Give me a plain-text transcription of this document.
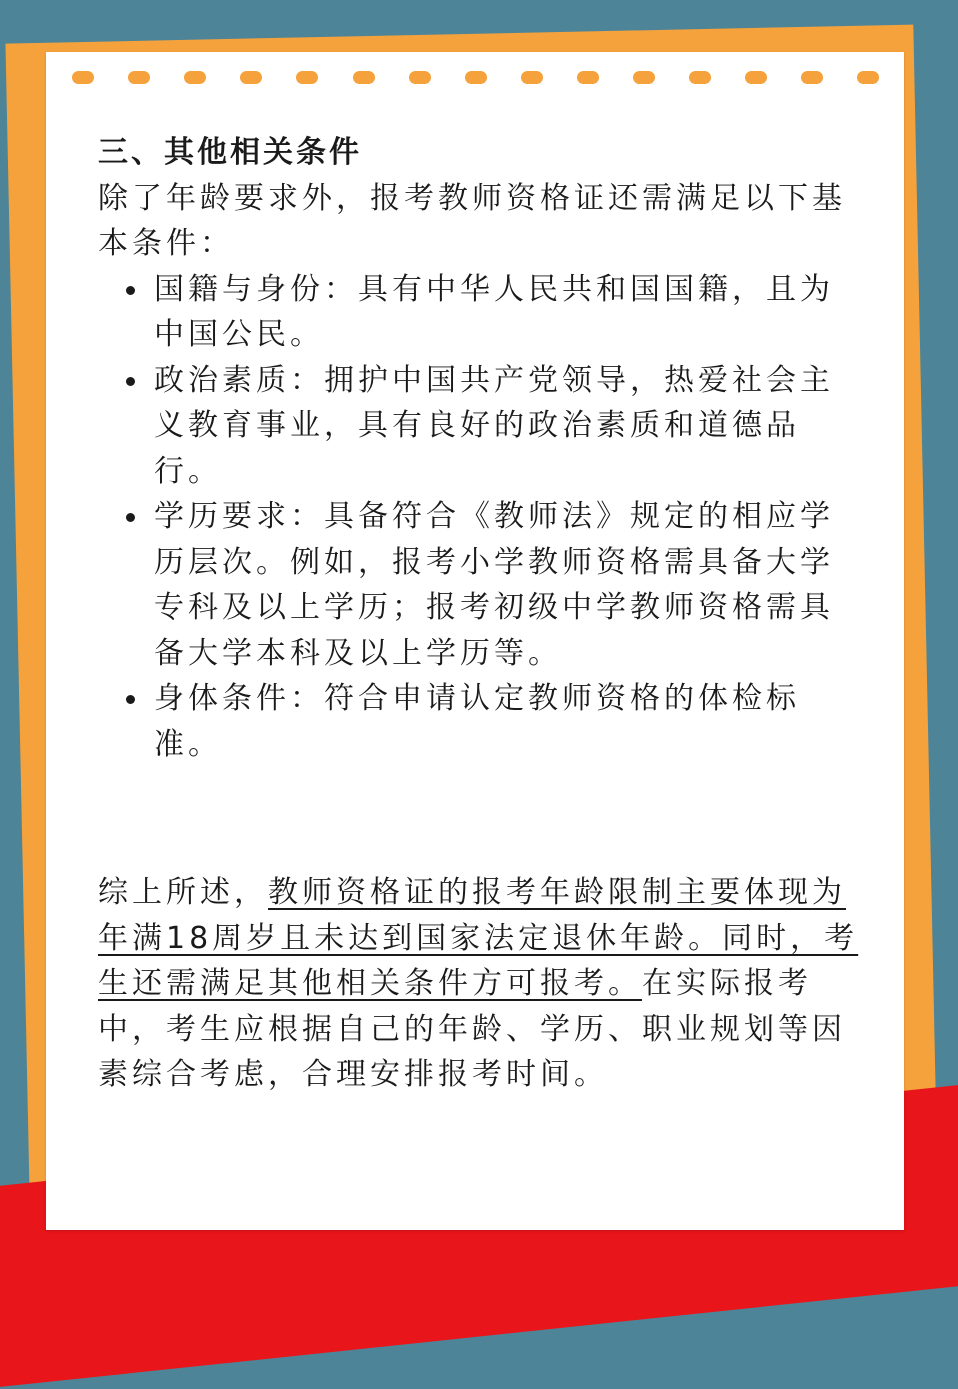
三、其他相关条件
除了年龄要求外，报考教师资格证还需满足以下基本条件：
国籍与身份：具有中华人民共和国国籍，且为中国公民。
政治素质：拥护中国共产党领导，热爱社会主义教育事业，具有良好的政治素质和道德品行。
学历要求：具备符合《教师法》规定的相应学历层次。例如，报考小学教师资格需具备大学专科及以上学历；报考初级中学教师资格需具备大学本科及以上学历等。
身体条件：符合申请认定教师资格的体检标准。
综上所述，教师资格证的报考年龄限制主要体现为年满18周岁且未达到国家法定退休年龄。同时，考生还需满足其他相关条件方可报考。在实际报考中，考生应根据自己的年龄、学历、职业规划等因素综合考虑，合理安排报考时间。
